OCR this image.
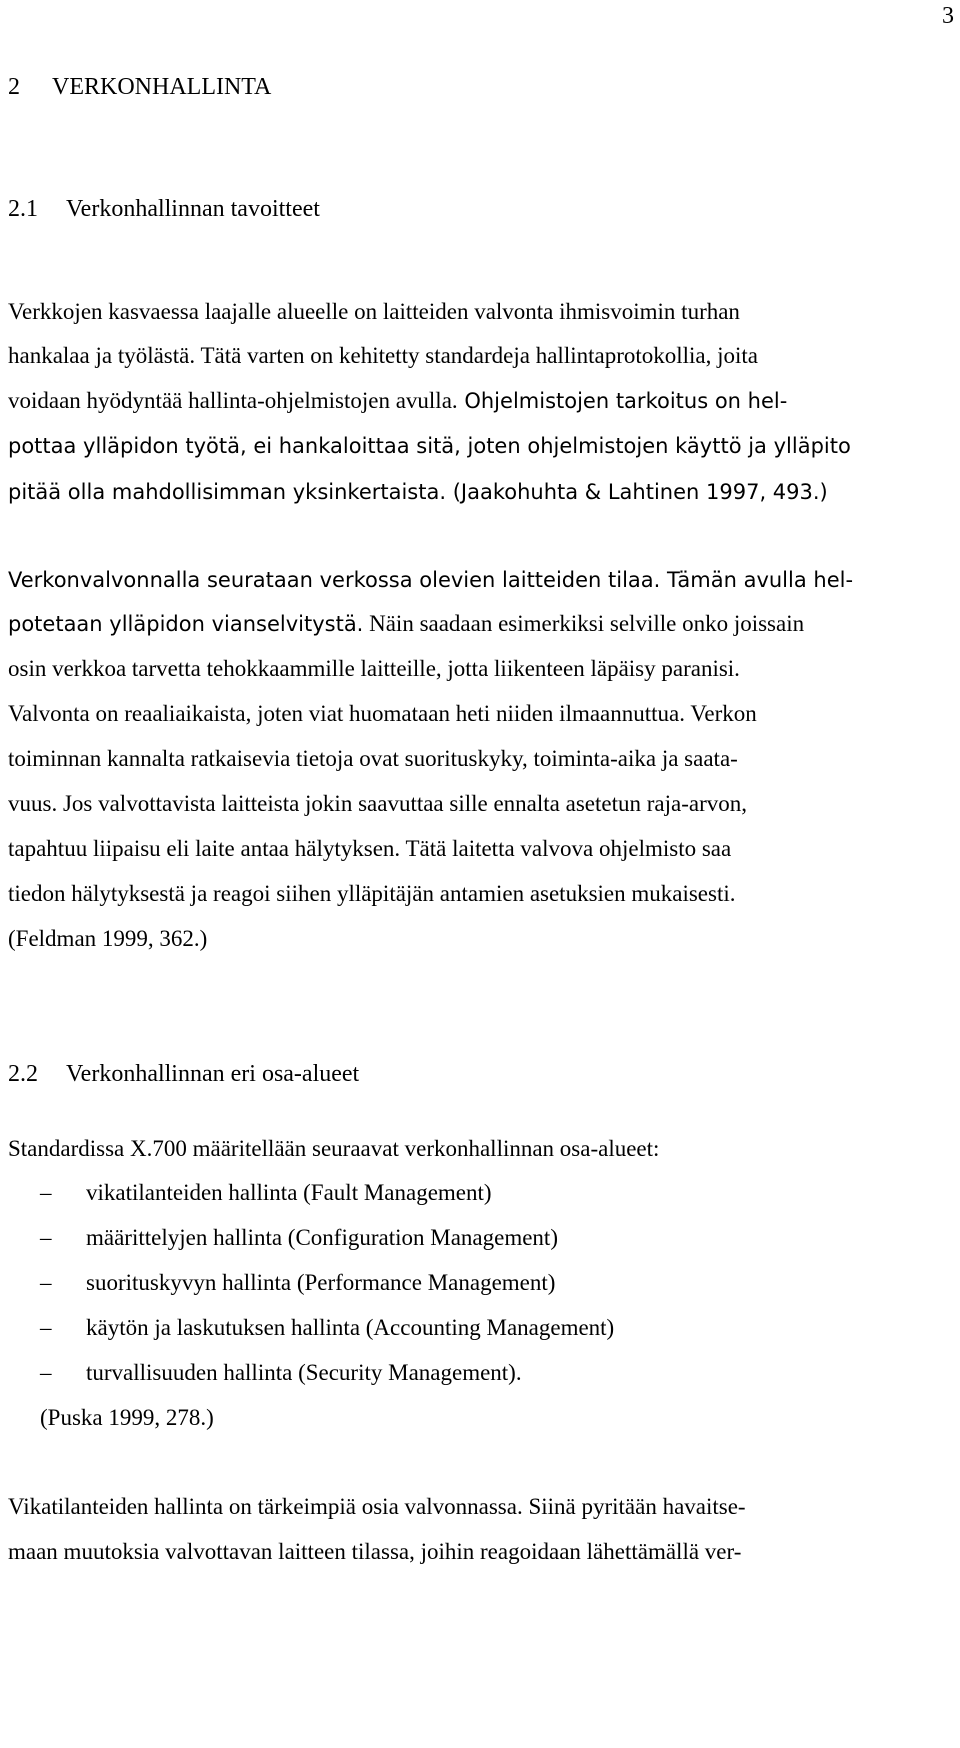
3
2 VERKONHALLINTA
2.1 Verkonhallinnan tavoitteet
Verkkojen kasvaessa laajalle alueelle on laitteiden valvonta ihmisvoimin turhan
hankalaa ja työlästä. Tätä varten on kehitetty standardeja hallintaprotokollia, joita
voidaan hyödyntää hallinta-ohjelmistojen avulla. Ohjelmistojen tarkoitus on hel-
pottaa ylläpidon työtä, ei hankaloittaa sitä, joten ohjelmistojen käyttö ja ylläpito
pitää olla mahdollisimman yksinkertaista. (Jaakohuhta & Lahtinen 1997, 493.)
Verkonvalvonnalla seurataan verkossa olevien laitteiden tilaa. Tämän avulla hel-
potetaan ylläpidon vianselvitystä. Näin saadaan esimerkiksi selville onko joissain
osin verkkoa tarvetta tehokkaammille laitteille, jotta liikenteen läpäisy paranisi.
Valvonta on reaaliaikaista, joten viat huomataan heti niiden ilmaannuttua. Verkon
toiminnan kannalta ratkaisevia tietoja ovat suorituskyky, toiminta-aika ja saata-
vuus. Jos valvottavista laitteista jokin saavuttaa sille ennalta asetetun raja-arvon,
tapahtuu liipaisu eli laite antaa hälytyksen. Tätä laitetta valvova ohjelmisto saa
tiedon hälytyksestä ja reagoi siihen ylläpitäjän antamien asetuksien mukaisesti.
(Feldman 1999, 362.)
2.2 Verkonhallinnan eri osa-alueet
Standardissa X.700 määritellään seuraavat verkonhallinnan osa-alueet:
– vikatilanteiden hallinta (Fault Management)
– määrittelyjen hallinta (Configuration Management)
– suorituskyvyn hallinta (Performance Management)
– käytön ja laskutuksen hallinta (Accounting Management)
– turvallisuuden hallinta (Security Management).
(Puska 1999, 278.)
Vikatilanteiden hallinta on tärkeimpiä osia valvonnassa. Siinä pyritään havaitse-
maan muutoksia valvottavan laitteen tilassa, joihin reagoidaan lähettämällä ver-
